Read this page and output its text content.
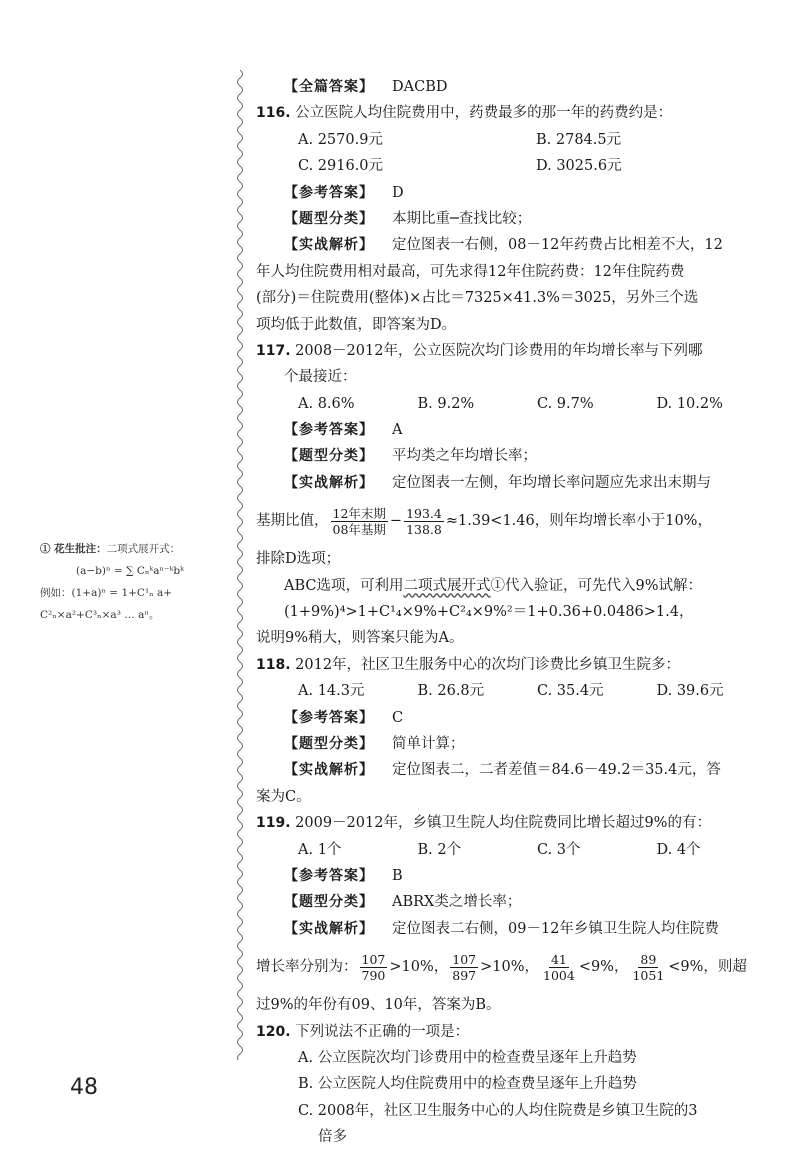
① 花生批注：二项式展开式：
(a−b)ⁿ = ∑ Cₙᵏaⁿ⁻ᵏbᵏ
例如：(1+a)ⁿ = 1+C¹ₙ a+
C²ₙ×a²+C³ₙ×a³ … aⁿ。
48
【全篇答案】 DACBD
116. 公立医院人均住院费用中，药费最多的那一年的药费约是：
A. 2570.9元	B. 2784.5元
C. 2916.0元	D. 3025.6元
【参考答案】 D
【题型分类】 本期比重─查找比较；
【实战解析】 定位图表一右侧，08－12年药费占比相差不大，12
年人均住院费用相对最高，可先求得12年住院药费：12年住院药费
(部分)＝住院费用(整体)×占比＝7325×41.3%＝3025，另外三个选
项均低于此数值，即答案为D。
117. 2008－2012年，公立医院次均门诊费用的年均增长率与下列哪
个最接近：
A. 8.6%	B. 9.2%	C. 9.7%	D. 10.2%
【参考答案】 A
【题型分类】 平均类之年均增长率；
【实战解析】 定位图表一左侧，年均增长率问题应先求出末期与
基期比值， $\frac{\text{12年末期}}{\text{08年基期}} - \frac{193.4}{138.8} \approx 1.39<1.46$，则年均增长率小于10%，
排除D选项；
ABC选项，可利用二项式展开式①代入验证，可先代入9%试解：
(1+9%)⁴>1+C¹₄×9%+C²₄×9%²＝1+0.36+0.0486>1.4，
说明9%稍大，则答案只能为A。
118. 2012年，社区卫生服务中心的次均门诊费比乡镇卫生院多：
A. 14.3元	B. 26.8元	C. 35.4元	D. 39.6元
【参考答案】 C
【题型分类】 简单计算；
【实战解析】 定位图表二，二者差值＝84.6－49.2＝35.4元，答
案为C。
119. 2009－2012年，乡镇卫生院人均住院费同比增长超过9%的有：
A. 1个	B. 2个	C. 3个	D. 4个
【参考答案】 B
【题型分类】 ABRX类之增长率；
【实战解析】 定位图表二右侧，09－12年乡镇卫生院人均住院费
增长率分别为： $\frac{107}{790} >10\%$， $\frac{107}{897} >10\%$， $\frac{41}{1004} <9\%$， $\frac{89}{1051} <9\%$，则超
过9%的年份有09、10年，答案为B。
120. 下列说法不正确的一项是：
A. 公立医院次均门诊费用中的检查费呈逐年上升趋势
B. 公立医院人均住院费用中的检查费呈逐年上升趋势
C. 2008年，社区卫生服务中心的人均住院费是乡镇卫生院的3
倍多
